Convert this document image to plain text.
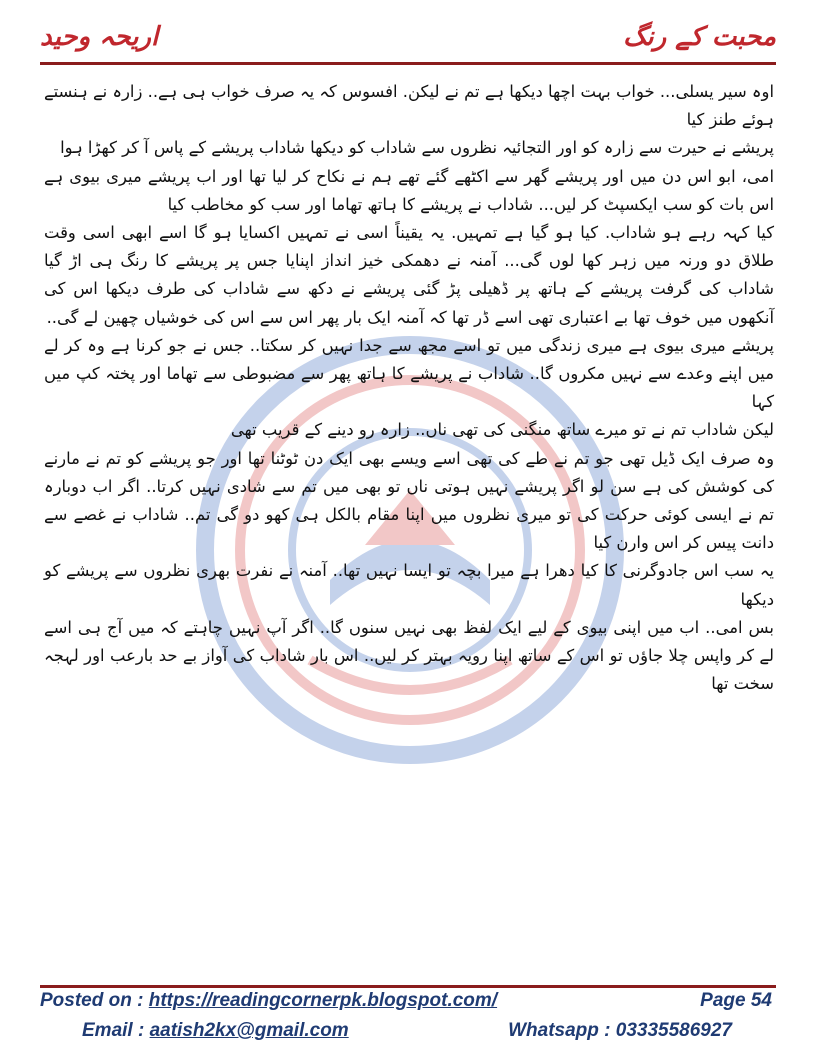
محبت کے رنگ
اریحہ وحید

اوہ سیر یسلی... خواب بہت اچھا دیکھا ہے تم نے لیکن. افسوس کہ یہ صرف خواب ہی ہے.. زارہ نے ہنستے ہوئے طنز کیا

پریشے نے حیرت سے زارہ کو اور التجائیہ نظروں سے شاداب کو دیکھا شاداب پریشے کے پاس آ کر کھڑا ہوا

امی، ابو اس دن میں اور پریشے گھر سے اکٹھے گئے تھے ہم نے نکاح کر لیا تھا اور اب پریشے میری بیوی ہے اس بات کو سب ایکسپٹ کر لیں... شاداب نے پریشے کا ہاتھ تھاما اور سب کو مخاطب کیا

کیا کہہ رہے ہو شاداب. کیا ہو گیا ہے تمہیں. یہ یقیناً اسی نے تمہیں اکسایا ہو گا اسے ابھی اسی وقت طلاق دو ورنہ میں زہر کھا لوں گی... آمنہ نے دھمکی خیز انداز اپنایا جس پر پریشے کا رنگ ہی اڑ گیا شاداب کی گرفت پریشے کے ہاتھ پر ڈھیلی پڑ گئی پریشے نے دکھ سے شاداب کی طرف دیکھا اس کی آنکھوں میں خوف تھا بے اعتباری تھی اسے ڈر تھا کہ آمنہ ایک بار پھر اس سے اس کی خوشیاں چھین لے گی..

پریشے میری بیوی ہے میری زندگی میں تو اسے مجھ سے جدا نہیں کر سکتا.. جس نے جو کرنا ہے وہ کر لے میں اپنے وعدے سے نہیں مکروں گا.. شاداب نے پریشے کا ہاتھ پھر سے مضبوطی سے تھاما اور پختہ کپ میں کہا

لیکن شاداب تم نے تو میرے ساتھ منگنی کی تھی ناں.. زارہ رو دینے کے قریب تھی

وہ صرف ایک ڈیل تھی جو تم نے طے کی تھی اسے ویسے بھی ایک دن ٹوٹنا تھا اور جو پریشے کو تم نے مارنے کی کوشش کی ہے سن لو اگر پریشے نہیں ہوتی ناں تو بھی میں تم سے شادی نہیں کرتا.. اگر اب دوبارہ تم نے ایسی کوئی حرکت کی تو میری نظروں میں اپنا مقام بالکل ہی کھو دو گی تم.. شاداب نے غصے سے دانت پیس کر اس وارن کیا

یہ سب اس جادوگرنی کا کیا دھرا ہے میرا بچہ تو ایسا نہیں تھا.. آمنہ نے نفرت بھری نظروں سے پریشے کو دیکھا

بس امی.. اب میں اپنی بیوی کے لیے ایک لفظ بھی نہیں سنوں گا.. اگر آپ نہیں چاہتے کہ میں آج ہی اسے لے کر واپس چلا جاؤں تو اس کے ساتھ اپنا رویہ بہتر کر لیں.. اس بار شاداب کی آواز بے حد بارعب اور لہجہ سخت تھا

Posted on : https://readingcornerpk.blogspot.com/	Page 54
Email : aatish2kx@gmail.com	Whatsapp : 03335586927
